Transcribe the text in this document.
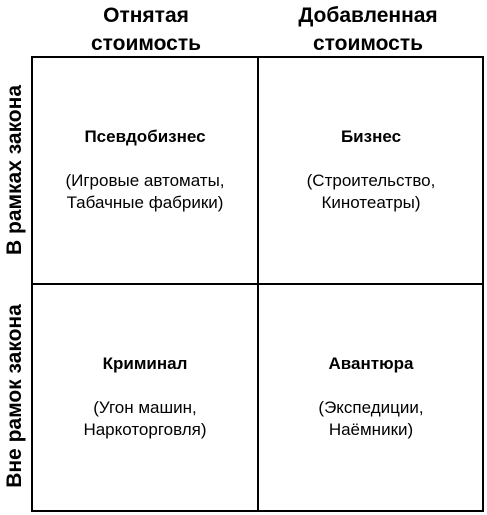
Отнятая
стоимость
Добавленная
стоимость
В рамках закона
Вне рамок закона
Псевдобизнес
(Игровые автоматы,
Табачные фабрики)
Бизнес
(Строительство,
Кинотеатры)
Криминал
(Угон машин,
Наркоторговля)
Авантюра
(Экспедиции,
Наёмники)
